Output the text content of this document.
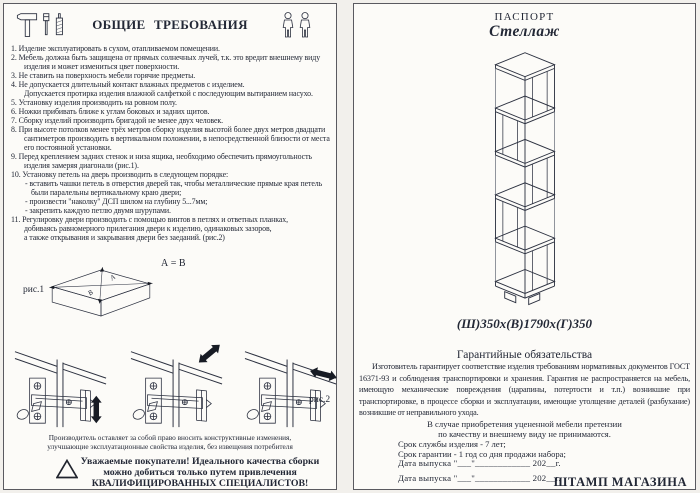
ОБЩИЕ ТРЕБОВАНИЯ
1. Изделие эксплуатировать в сухом, отапливаемом помещении.
2. Мебель должна быть защищена от прямых солнечных лучей, т.к. это вредит внешнему виду изделия и может измениться цвет поверхности.
3. Не ставить на поверхность мебели горячие предметы.
4. Не допускается длительный контакт влажных предметов с изделием.
Допускается протирка изделия влажной салфеткой с последующим вытиранием насухо.
5. Установку изделия производить на ровном полу.
6. Ножки прибивать ближе к углам боковых и задних щитов.
7. Сборку изделий производить бригадой не менее двух человек.
8. При высоте потолков менее трёх метров сборку изделия высотой более двух метров двадцати сантиметров производить в вертикальном положении, в непосредственной близости от места его постоянной установки.
9. Перед креплением задних стенок и низа ящика, необходимо обеспечить прямоугольность изделия замеряя диагонали (рис.1).
10. Установку петель на дверь производить в следующем порядке:
- вставить чашки петель в отверстия дверей так, чтобы металлические прямые края петель были паралельны вертикальному краю двери;
- произвести "наколку" ДСП шилом на глубину 5...7мм;
- закрепить каждую петлю двумя шурупами.
11. Регулировку двери производить с помощью винтов в петлях и ответных планках,
добиваясь равномерного прилегания двери к изделию, одинаковых зазоров,
а также открывания и закрывания двери без заеданий. (рис.2)
рис.1
A
B
А = В
рис.2
Производитель оставляет за собой право вносить конструктивные изменения,
улучшающие эксплуатационные свойства изделия, без извещения потребителя
Уважаемые покупатели! Идеального качества сборки
можно добиться только путем привлечения
КВАЛИФИЦИРОВАННЫХ СПЕЦИАЛИСТОВ!
ПАСПОРТ
Стеллаж
(Ш)350х(В)1790х(Г)350
Гарантийные обязательства
Изготовитель гарантирует соответствие изделия требованиям нормативных документов ГОСТ 16371-93 и соблюдения транспортировки и хранения. Гарантия не распространяется на мебель, имеющую механические повреждения (царапины, потертости и т.п.) возникшие при транспортировке, в процессе сборки и эксплуатации, имеющие утолщение деталей (разбухание) возникшие от неправильного ухода.
В случае приобретения уцененной мебели претензии
по качеству и внешнему виду не принимаются.
Срок службы изделия - 7 лет;
Срок гарантии - 1 год со дня продажи набора;
Дата выпуска "___"____________ 202__г.
Дата выпуска "___"____________ 202__г.
ШТАМП МАГАЗИНА
